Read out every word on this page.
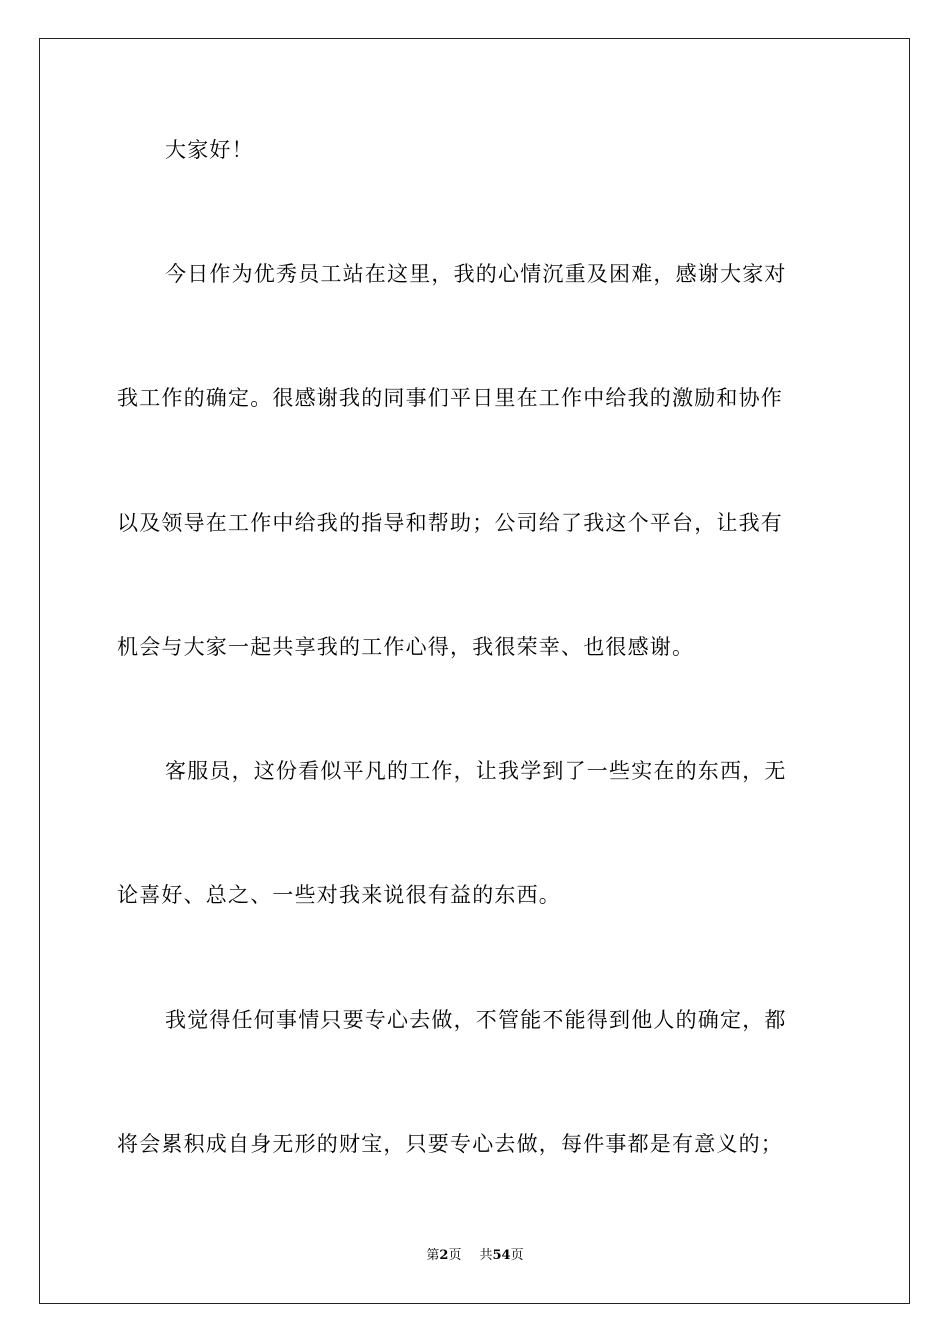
大家好！
今日作为优秀员工站在这里，我的心情沉重及困难，感谢大家对
我工作的确定。很感谢我的同事们平日里在工作中给我的激励和协作
以及领导在工作中给我的指导和帮助；公司给了我这个平台，让我有
机会与大家一起共享我的工作心得，我很荣幸、也很感谢。
客服员，这份看似平凡的工作，让我学到了一些实在的东西，无
论喜好、总之、一些对我来说很有益的东西。
我觉得任何事情只要专心去做，不管能不能得到他人的确定，都
将会累积成自身无形的财宝，只要专心去做，每件事都是有意义的；
第2页 共54页
